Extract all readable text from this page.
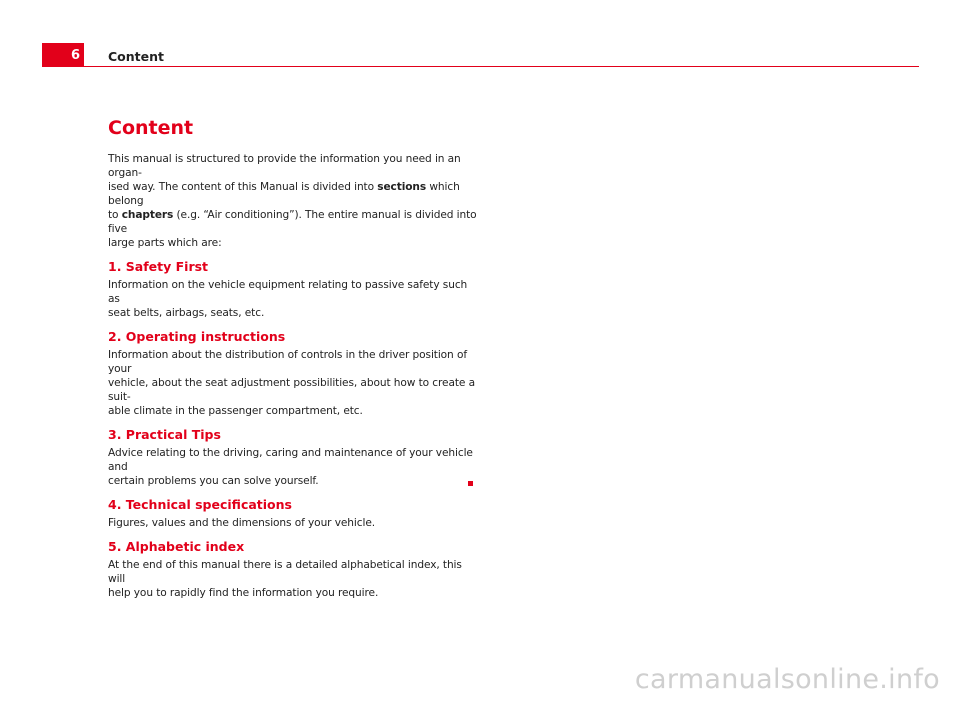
6 Content
Content

This manual is structured to provide the information you need in an organ-
ised way. The content of this Manual is divided into sections which belong
to chapters (e.g. “Air conditioning”). The entire manual is divided into five
large parts which are:

1. Safety First

Information on the vehicle equipment relating to passive safety such as
seat belts, airbags, seats, etc.

2. Operating instructions

Information about the distribution of controls in the driver position of your
vehicle, about the seat adjustment possibilities, about how to create a suit-
able climate in the passenger compartment, etc.

3. Practical Tips

Advice relating to the driving, caring and maintenance of your vehicle and
certain problems you can solve yourself.

4. Technical specifications

Figures, values and the dimensions of your vehicle.

5. Alphabetic index

At the end of this manual there is a detailed alphabetical index, this will
help you to rapidly find the information you require.

carmanualsonline.info
